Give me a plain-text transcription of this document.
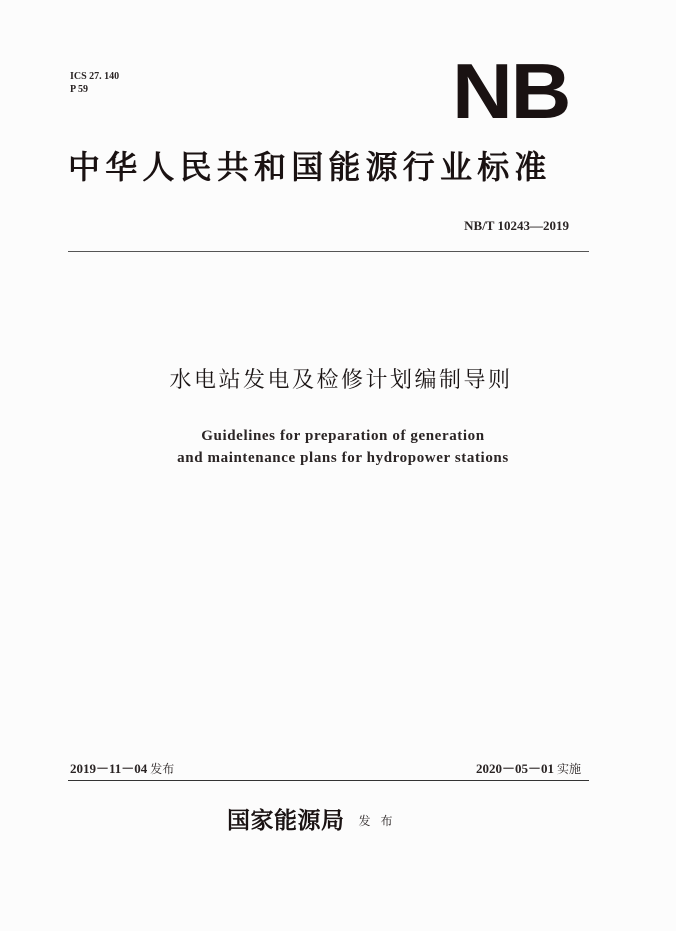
ICS 27. 140
P 59	NB
中华人民共和国能源行业标准
NB/T 10243—2019
水电站发电及检修计划编制导则
Guidelines for preparation of generation
and maintenance plans for hydropower stations
2019－11－04 发布	2020－05－01 实施
国家能源局 发布
